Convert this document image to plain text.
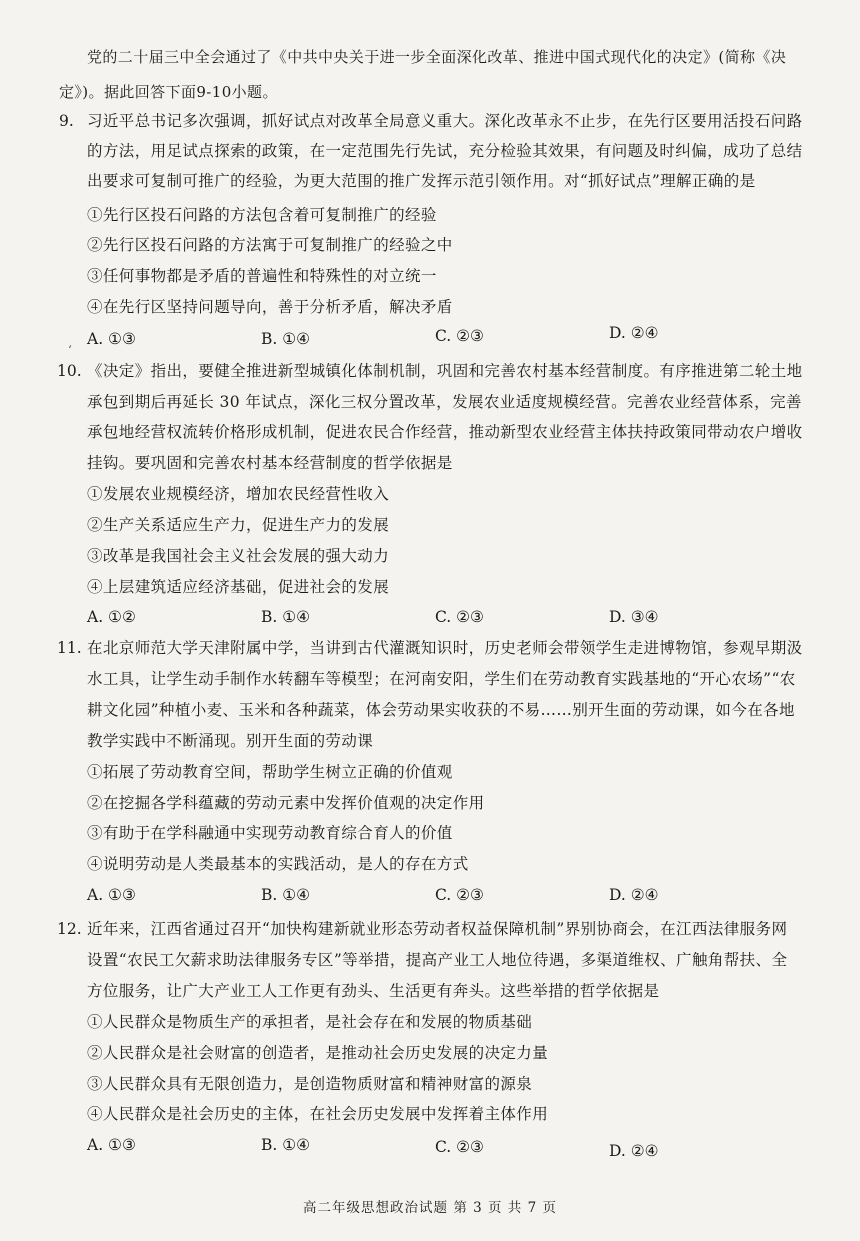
党的二十届三中全会通过了《中共中央关于进一步全面深化改革、推进中国式现代化的决定》(简称《决
定》)。据此回答下面9-10小题。
9. 习近平总书记多次强调，抓好试点对改革全局意义重大。深化改革永不止步，在先行区要用活投石问路
的方法，用足试点探索的政策，在一定范围先行先试，充分检验其效果，有问题及时纠偏，成功了总结
出要求可复制可推广的经验，为更大范围的推广发挥示范引领作用。对“抓好试点”理解正确的是
①先行区投石问路的方法包含着可复制推广的经验
②先行区投石问路的方法寓于可复制推广的经验之中
③任何事物都是矛盾的普遍性和特殊性的对立统一
④在先行区坚持问题导向，善于分析矛盾，解决矛盾
A. ①③	B. ①④	C. ②③	D. ②④
‘
10. 《决定》指出，要健全推进新型城镇化体制机制，巩固和完善农村基本经营制度。有序推进第二轮土地
承包到期后再延长 30 年试点，深化三权分置改革，发展农业适度规模经营。完善农业经营体系，完善
承包地经营权流转价格形成机制，促进农民合作经营，推动新型农业经营主体扶持政策同带动农户增收
挂钩。要巩固和完善农村基本经营制度的哲学依据是
①发展农业规模经济，增加农民经营性收入
②生产关系适应生产力，促进生产力的发展
③改革是我国社会主义社会发展的强大动力
④上层建筑适应经济基础，促进社会的发展
A. ①②	B. ①④	C. ②③	D. ③④
11. 在北京师范大学天津附属中学，当讲到古代灌溉知识时，历史老师会带领学生走进博物馆，参观早期汲
水工具，让学生动手制作水转翻车等模型；在河南安阳，学生们在劳动教育实践基地的“开心农场”“农
耕文化园”种植小麦、玉米和各种蔬菜，体会劳动果实收获的不易……别开生面的劳动课，如今在各地
教学实践中不断涌现。别开生面的劳动课
①拓展了劳动教育空间，帮助学生树立正确的价值观
②在挖掘各学科蕴藏的劳动元素中发挥价值观的决定作用
③有助于在学科融通中实现劳动教育综合育人的价值
④说明劳动是人类最基本的实践活动，是人的存在方式
A. ①③	B. ①④	C. ②③	D. ②④
12. 近年来，江西省通过召开“加快构建新就业形态劳动者权益保障机制”界别协商会，在江西法律服务网
设置“农民工欠薪求助法律服务专区”等举措，提高产业工人地位待遇，多渠道维权、广触角帮扶、全
方位服务，让广大产业工人工作更有劲头、生活更有奔头。这些举措的哲学依据是
①人民群众是物质生产的承担者，是社会存在和发展的物质基础
②人民群众是社会财富的创造者，是推动社会历史发展的决定力量
③人民群众具有无限创造力，是创造物质财富和精神财富的源泉
④人民群众是社会历史的主体，在社会历史发展中发挥着主体作用
A. ①③	B. ①④	C. ②③	D. ②④
高二年级思想政治试题 第 3 页 共 7 页
